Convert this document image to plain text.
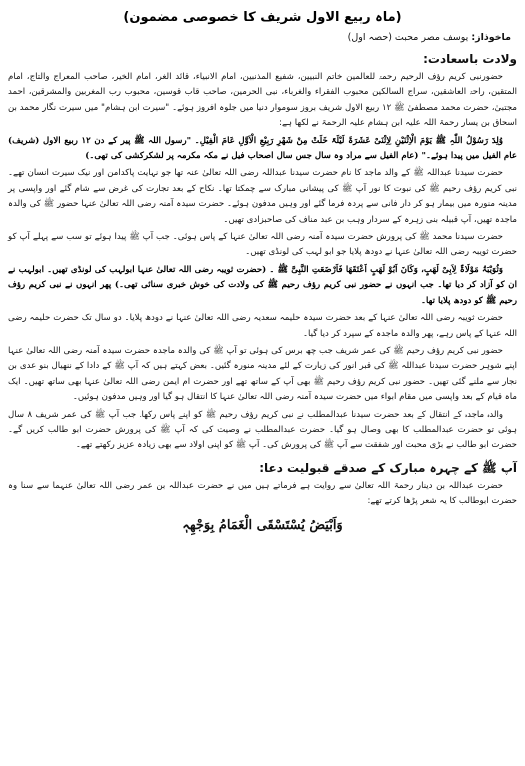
(ماہ ربیع الاول شریف کا خصوصی مضمون)
ماخوذاز: یوسف مصر محبت (حصہ اول)
ولادت باسعادت:

حضورنبی کریم رؤف الرحیم رحمۃ للعالمین خاتم النبیین، شفیع المذنبین، امام الانبیاء، قائد الغر، امام الخیر، صاحب المعراج والتاج، امام المتقین، راحۃ العاشقین، سراج السالکین محبوب الفقراء والغرباء، نبی الحرمین، صاحب قاب قوسین، محبوب رب المغربین والمشرقین، احمد مجتبیٰ، حضرت محمد مصطفیٰ ﷺ ۱۲ ربیع الاول شریف بروز سوموار دنیا میں جلوہ افروز ہوئے۔ "سیرت ابن ہشام" میں سیرت نگار محمد بن اسحاق بن یسار رحمۃ اللہ علیہ ابن ہشام علیہ الرحمۃ نے لکھا ہے:

وُلِدَ رَسُوْلُ اللّٰہِ ﷺ یَوْمَ الْاِثْنَیْنِ لِاِثْنَیْ عَشَرَۃَ لَیْلَۃً خَلَتْ مِنْ شَھْرِ رَبِیْعِ الْاَوَّلِ عَامَ الْفِیْلِ۔ "رسول اللہ ﷺ پیر کے دن ۱۲ ربیع الاول (شریف) عام الفیل میں پیدا ہوئے۔" (عام الفیل سے مراد وہ سال جس سال اصحاب فیل نے مکہ مکرمہ پر لشکرکشی کی تھی۔)

حضرت سیدنا عبداللہ ﷺ کے والد ماجد کا نام حضرت سیدنا عبداللہ رضی اللہ تعالیٰ عنہ تھا جو نہایت پاکدامن اور نیک سیرت انسان تھے۔ نبی کریم رؤف رحیم ﷺ کی نبوت کا نور آپ ﷺ کی پیشانی مبارک سے چمکتا تھا۔ نکاح کے بعد تجارت کی غرض سے شام گئے اور واپسی پر مدینہ منورہ میں بیمار ہو کر دار فانی سے پردہ فرما گئے اور وہیں مدفون ہوئے۔ حضرت سیدہ آمنہ رضی اللہ تعالیٰ عنہا حضور ﷺ کی والدہ ماجدہ تھیں، آپ قبیلہ بنی زہرہ کے سردار وہب بن عبد مناف کی صاحبزادی تھیں۔

حضرت سیدنا محمد ﷺ کی پرورش حضرت سیدہ آمنہ رضی اللہ تعالیٰ عنہا کے پاس ہوئی۔ جب آپ ﷺ پیدا ہوئے تو سب سے پہلے آپ کو حضرت ثویبہ رضی اللہ تعالیٰ عنہا نے دودھ پلایا جو ابو لہب کی لونڈی تھیں۔

وَثُوَیْبَۃُ مَوْلَاۃٌ لِاَبِیْ لَھَبٍ، وَکَانَ اَبُوْ لَھَبٍ اَعْتَقَھَا فَاَرْضَعَتِ النَّبِیَّ ﷺ ۔ (حضرت ثویبہ رضی اللہ تعالیٰ عنہا ابولہب کی لونڈی تھیں۔ ابولہب نے ان کو آزاد کر دیا تھا۔ جب انہوں نے حضور نبی کریم رؤف رحیم ﷺ کی ولادت کی خوش خبری سنائی تھی۔) پھر انہوں نے نبی کریم رؤف رحیم ﷺ کو دودھ پلایا تھا۔

حضرت ثویبہ رضی اللہ تعالیٰ عنہا کے بعد حضرت سیدہ حلیمہ سعدیہ رضی اللہ تعالیٰ عنہا نے دودھ پلایا۔ دو سال تک حضرت حلیمہ رضی اللہ عنہا کے پاس رہے، پھر والدہ ماجدہ کے سپرد کر دیا گیا۔

حضور نبی کریم رؤف رحیم ﷺ کی عمر شریف جب چھ برس کی ہوئی تو آپ ﷺ کی والدہ ماجدہ حضرت سیدہ آمنہ رضی اللہ تعالیٰ عنہا اپنے شوہر حضرت سیدنا عبداللہ ﷺ کی قبر انور کی زیارت کے لئے مدینہ منورہ گئیں۔ بعض کہتے ہیں کہ آپ ﷺ کے دادا کے ننھیال بنو عدی بن نجار سے ملنے گئی تھیں۔ حضور نبی کریم رؤف رحیم ﷺ بھی آپ کے ساتھ تھے اور حضرت ام ایمن رضی اللہ تعالیٰ عنہا بھی ساتھ تھیں۔ ایک ماہ قیام کے بعد واپسی میں مقام ابواء میں حضرت سیدہ آمنہ رضی اللہ تعالیٰ عنہا کا انتقال ہو گیا اور وہیں مدفون ہوئیں۔

والدہ ماجدہ کے انتقال کے بعد حضرت سیدنا عبدالمطلب نے نبی کریم رؤف رحیم ﷺ کو اپنے پاس رکھا۔ جب آپ ﷺ کی عمر شریف ۸ سال ہوئی تو حضرت عبدالمطلب کا بھی وصال ہو گیا۔ حضرت عبدالمطلب نے وصیت کی کہ آپ ﷺ کی پرورش حضرت ابو طالب کریں گے۔ حضرت ابو طالب نے بڑی محبت اور شفقت سے آپ ﷺ کی پرورش کی۔ آپ ﷺ کو اپنی اولاد سے بھی زیادہ عزیز رکھتے تھے۔

آپ ﷺ کے چہرہ مبارک کے صدقے قبولیت دعا:

حضرت عبداللہ بن دینار رحمۃ اللہ تعالیٰ سے روایت ہے فرماتے ہیں میں نے حضرت عبداللہ بن عمر رضی اللہ تعالیٰ عنہما سے سنا وہ حضرت ابوطالب کا یہ شعر پڑھا کرتے تھے:

وَاَبْیَضُ یُسْتَسْقَی الْغَمَامُ بِوَجْھِہٖ
